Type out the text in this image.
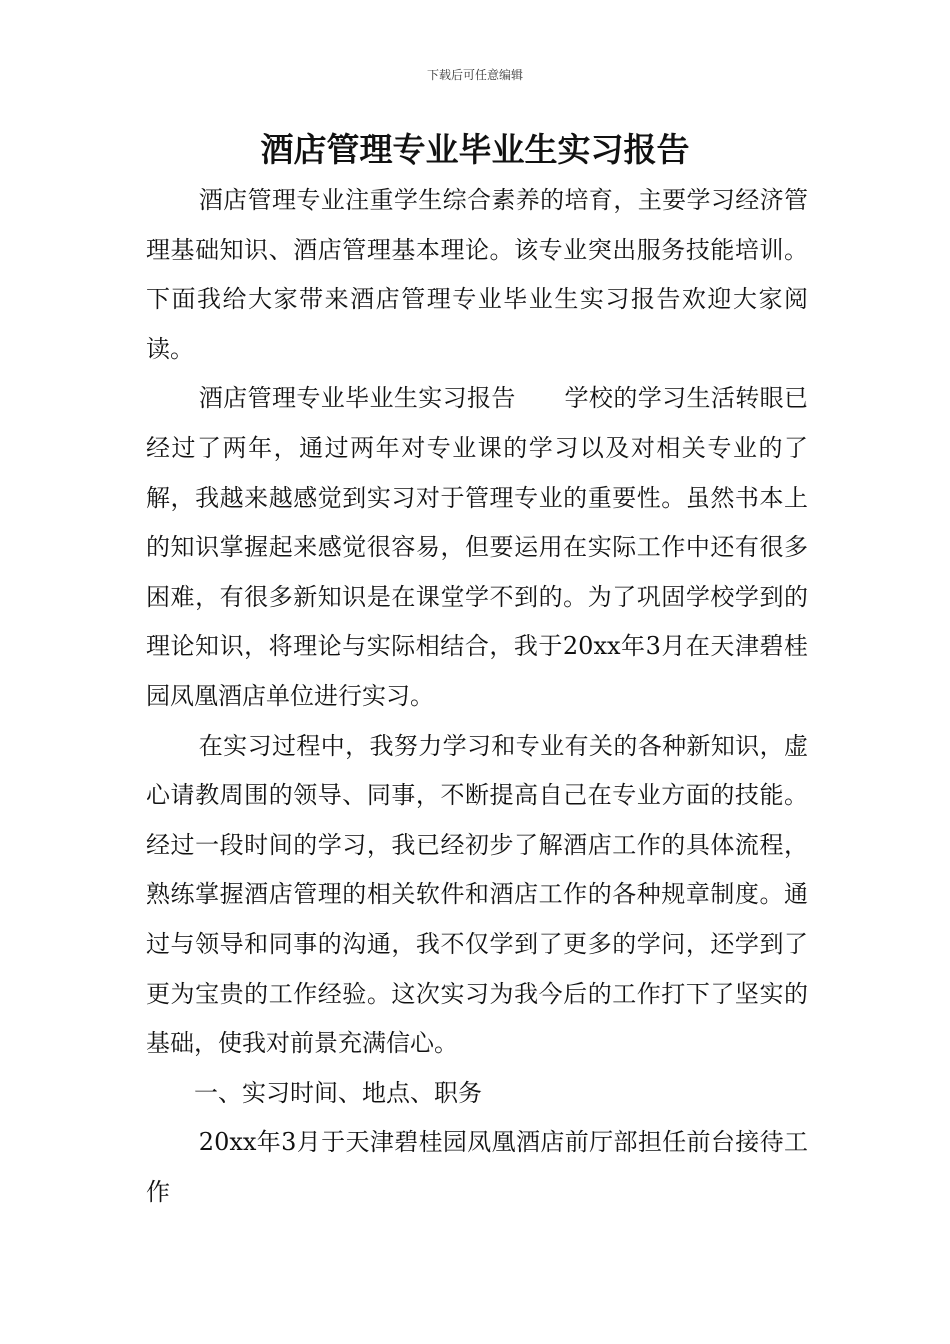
下载后可任意编辑
酒店管理专业毕业生实习报告

酒店管理专业注重学生综合素养的培育，主要学习经济管理基础知识、酒店管理基本理论。该专业突出服务技能培训。下面我给大家带来酒店管理专业毕业生实习报告欢迎大家阅读。

酒店管理专业毕业生实习报告　　学校的学习生活转眼已经过了两年，通过两年对专业课的学习以及对相关专业的了解，我越来越感觉到实习对于管理专业的重要性。虽然书本上的知识掌握起来感觉很容易，但要运用在实际工作中还有很多困难，有很多新知识是在课堂学不到的。为了巩固学校学到的理论知识，将理论与实际相结合，我于20xx年3月在天津碧桂园凤凰酒店单位进行实习。

在实习过程中，我努力学习和专业有关的各种新知识，虚心请教周围的领导、同事，不断提高自己在专业方面的技能。经过一段时间的学习，我已经初步了解酒店工作的具体流程，熟练掌握酒店管理的相关软件和酒店工作的各种规章制度。通过与领导和同事的沟通，我不仅学到了更多的学问，还学到了更为宝贵的工作经验。这次实习为我今后的工作打下了坚实的基础，使我对前景充满信心。

一、实习时间、地点、职务

20xx年3月于天津碧桂园凤凰酒店前厅部担任前台接待工作
